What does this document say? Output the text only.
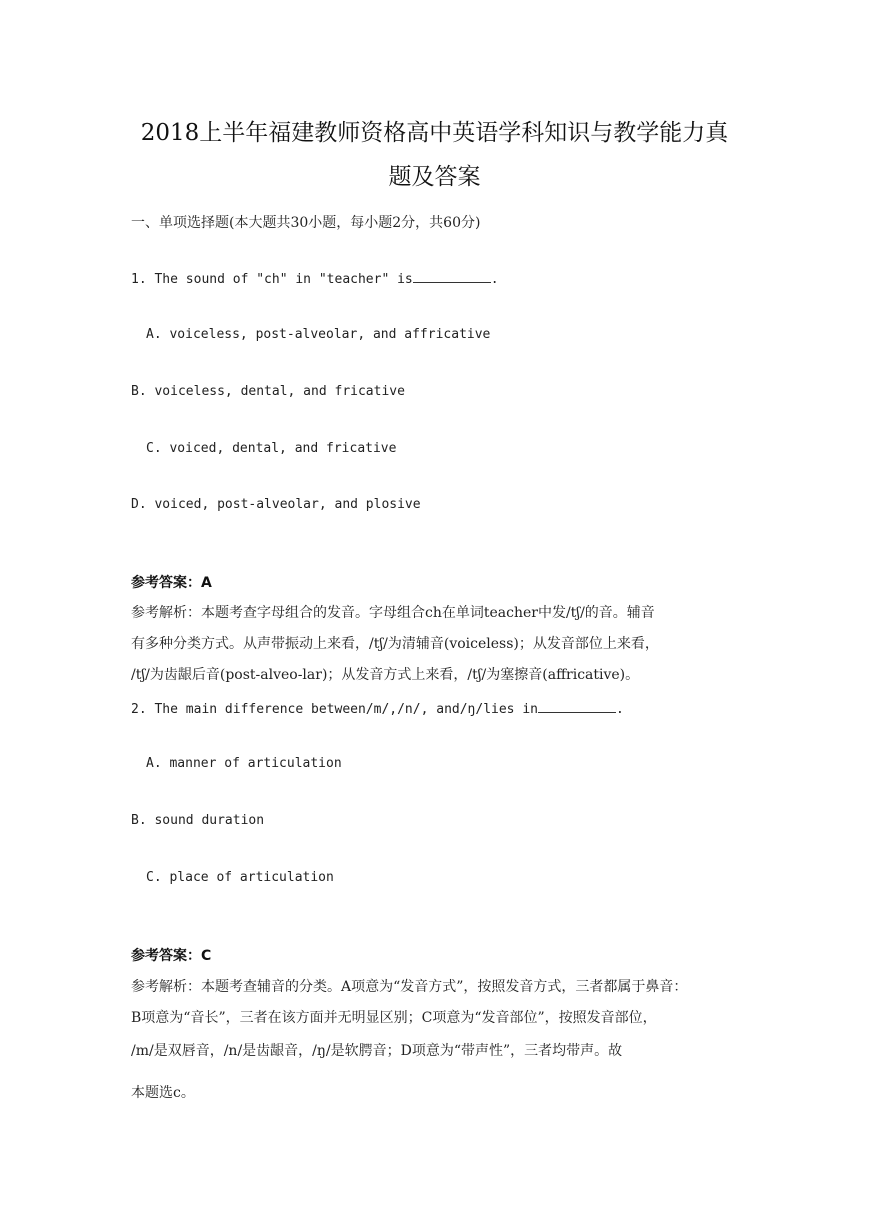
2018上半年福建教师资格高中英语学科知识与教学能力真
题及答案
一、单项选择题(本大题共30小题，每小题2分，共60分)
1. The sound of "ch" in "teacher" is	.
A. voiceless, post-alveolar, and affricative
B. voiceless, dental, and fricative
C. voiced, dental, and fricative
D. voiced, post-alveolar, and plosive
参考答案：A
参考解析：本题考查字母组合的发音。字母组合ch在单词teacher中发/tʃ/的音。辅音
有多种分类方式。从声带振动上来看，/tʃ/为清辅音(voiceless)；从发音部位上来看，
/tʃ/为齿龈后音(post-alveo-lar)；从发音方式上来看，/tʃ/为塞擦音(affricative)。
2. The main difference between/m/,/n/, and/ŋ/lies in	.
A. manner of articulation
B. sound duration
C. place of articulation
参考答案：C
参考解析：本题考查辅音的分类。A项意为“发音方式”，按照发音方式，三者都属于鼻音：
B项意为“音长”，三者在该方面并无明显区别；C项意为“发音部位”，按照发音部位，
/m/是双唇音，/n/是齿龈音，/ŋ/是软腭音；D项意为“带声性”，三者均带声。故
本题选c。
